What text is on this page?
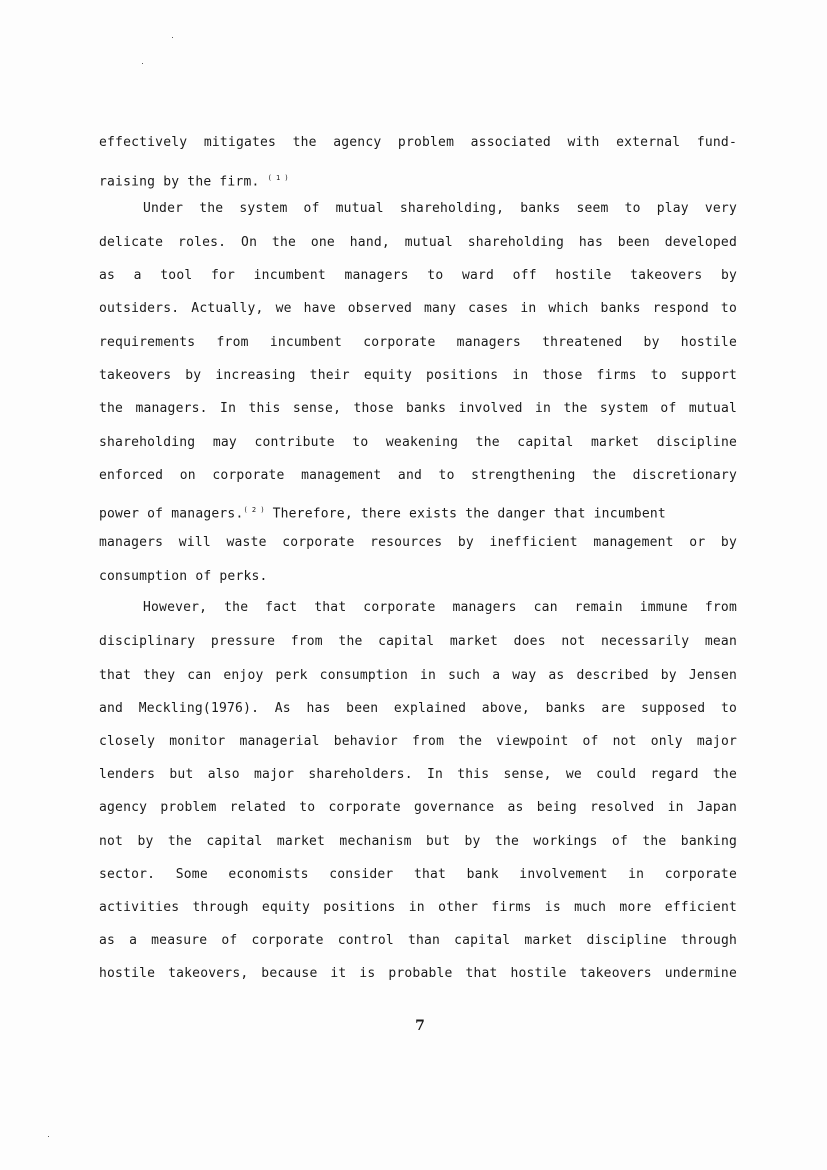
effectively mitigates the agency problem associated with external fund-
raising by the firm. $^{( 1 )}$
Under the system of mutual shareholding, banks seem to play very
delicate roles. On the one hand, mutual shareholding has been developed
as a tool for incumbent managers to ward off hostile takeovers by
outsiders. Actually, we have observed many cases in which banks respond to
requirements from incumbent corporate managers threatened by hostile
takeovers by increasing their equity positions in those firms to support
the managers. In this sense, those banks involved in the system of mutual
shareholding may contribute to weakening the capital market discipline
enforced on corporate management and to strengthening the discretionary
power of managers.$^{( 2 )}$ Therefore, there exists the danger that incumbent
managers will waste corporate resources by inefficient management or by
consumption of perks.
However, the fact that corporate managers can remain immune from
disciplinary pressure from the capital market does not necessarily mean
that they can enjoy perk consumption in such a way as described by Jensen
and Meckling(1976). As has been explained above, banks are supposed to
closely monitor managerial behavior from the viewpoint of not only major
lenders but also major shareholders. In this sense, we could regard the
agency problem related to corporate governance as being resolved in Japan
not by the capital market mechanism but by the workings of the banking
sector. Some economists consider that bank involvement in corporate
activities through equity positions in other firms is much more efficient
as a measure of corporate control than capital market discipline through
hostile takeovers, because it is probable that hostile takeovers undermine
7
